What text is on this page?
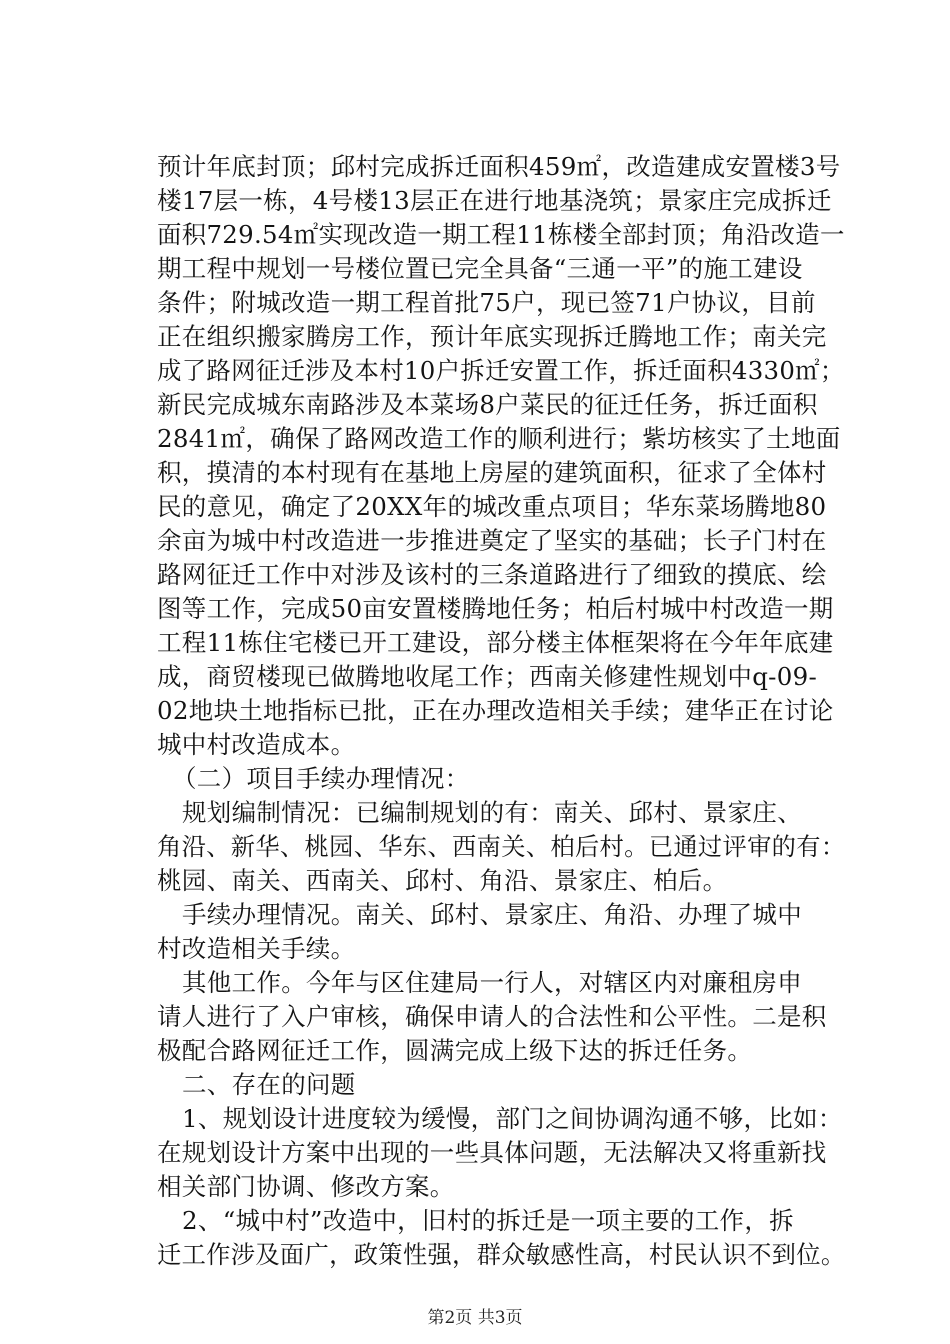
预计年底封顶；邱村完成拆迁面积459㎡，改造建成安置楼3号
楼17层一栋，4号楼13层正在进行地基浇筑；景家庄完成拆迁
面积729.54㎡实现改造一期工程11栋楼全部封顶；角沿改造一
期工程中规划一号楼位置已完全具备“三通一平”的施工建设
条件；附城改造一期工程首批75户，现已签71户协议，目前
正在组织搬家腾房工作，预计年底实现拆迁腾地工作；南关完
成了路网征迁涉及本村10户拆迁安置工作，拆迁面积4330㎡；
新民完成城东南路涉及本菜场8户菜民的征迁任务，拆迁面积
2841㎡，确保了路网改造工作的顺利进行；紫坊核实了土地面
积，摸清的本村现有在基地上房屋的建筑面积，征求了全体村
民的意见，确定了20XX年的城改重点项目；华东菜场腾地80
余亩为城中村改造进一步推进奠定了坚实的基础；长子门村在
路网征迁工作中对涉及该村的三条道路进行了细致的摸底、绘
图等工作，完成50亩安置楼腾地任务；柏后村城中村改造一期
工程11栋住宅楼已开工建设，部分楼主体框架将在今年年底建
成，商贸楼现已做腾地收尾工作；西南关修建性规划中q-09-
02地块土地指标已批，正在办理改造相关手续；建华正在讨论
城中村改造成本。
（二）项目手续办理情况：
规划编制情况：已编制规划的有：南关、邱村、景家庄、
角沿、新华、桃园、华东、西南关、柏后村。已通过评审的有：
桃园、南关、西南关、邱村、角沿、景家庄、柏后。
手续办理情况。南关、邱村、景家庄、角沿、办理了城中
村改造相关手续。
其他工作。今年与区住建局一行人，对辖区内对廉租房申
请人进行了入户审核，确保申请人的合法性和公平性。二是积
极配合路网征迁工作，圆满完成上级下达的拆迁任务。
二、存在的问题
1、规划设计进度较为缓慢，部门之间协调沟通不够，比如：
在规划设计方案中出现的一些具体问题，无法解决又将重新找
相关部门协调、修改方案。
2、“城中村”改造中，旧村的拆迁是一项主要的工作，拆
迁工作涉及面广，政策性强，群众敏感性高，村民认识不到位。
第2页 共3页
